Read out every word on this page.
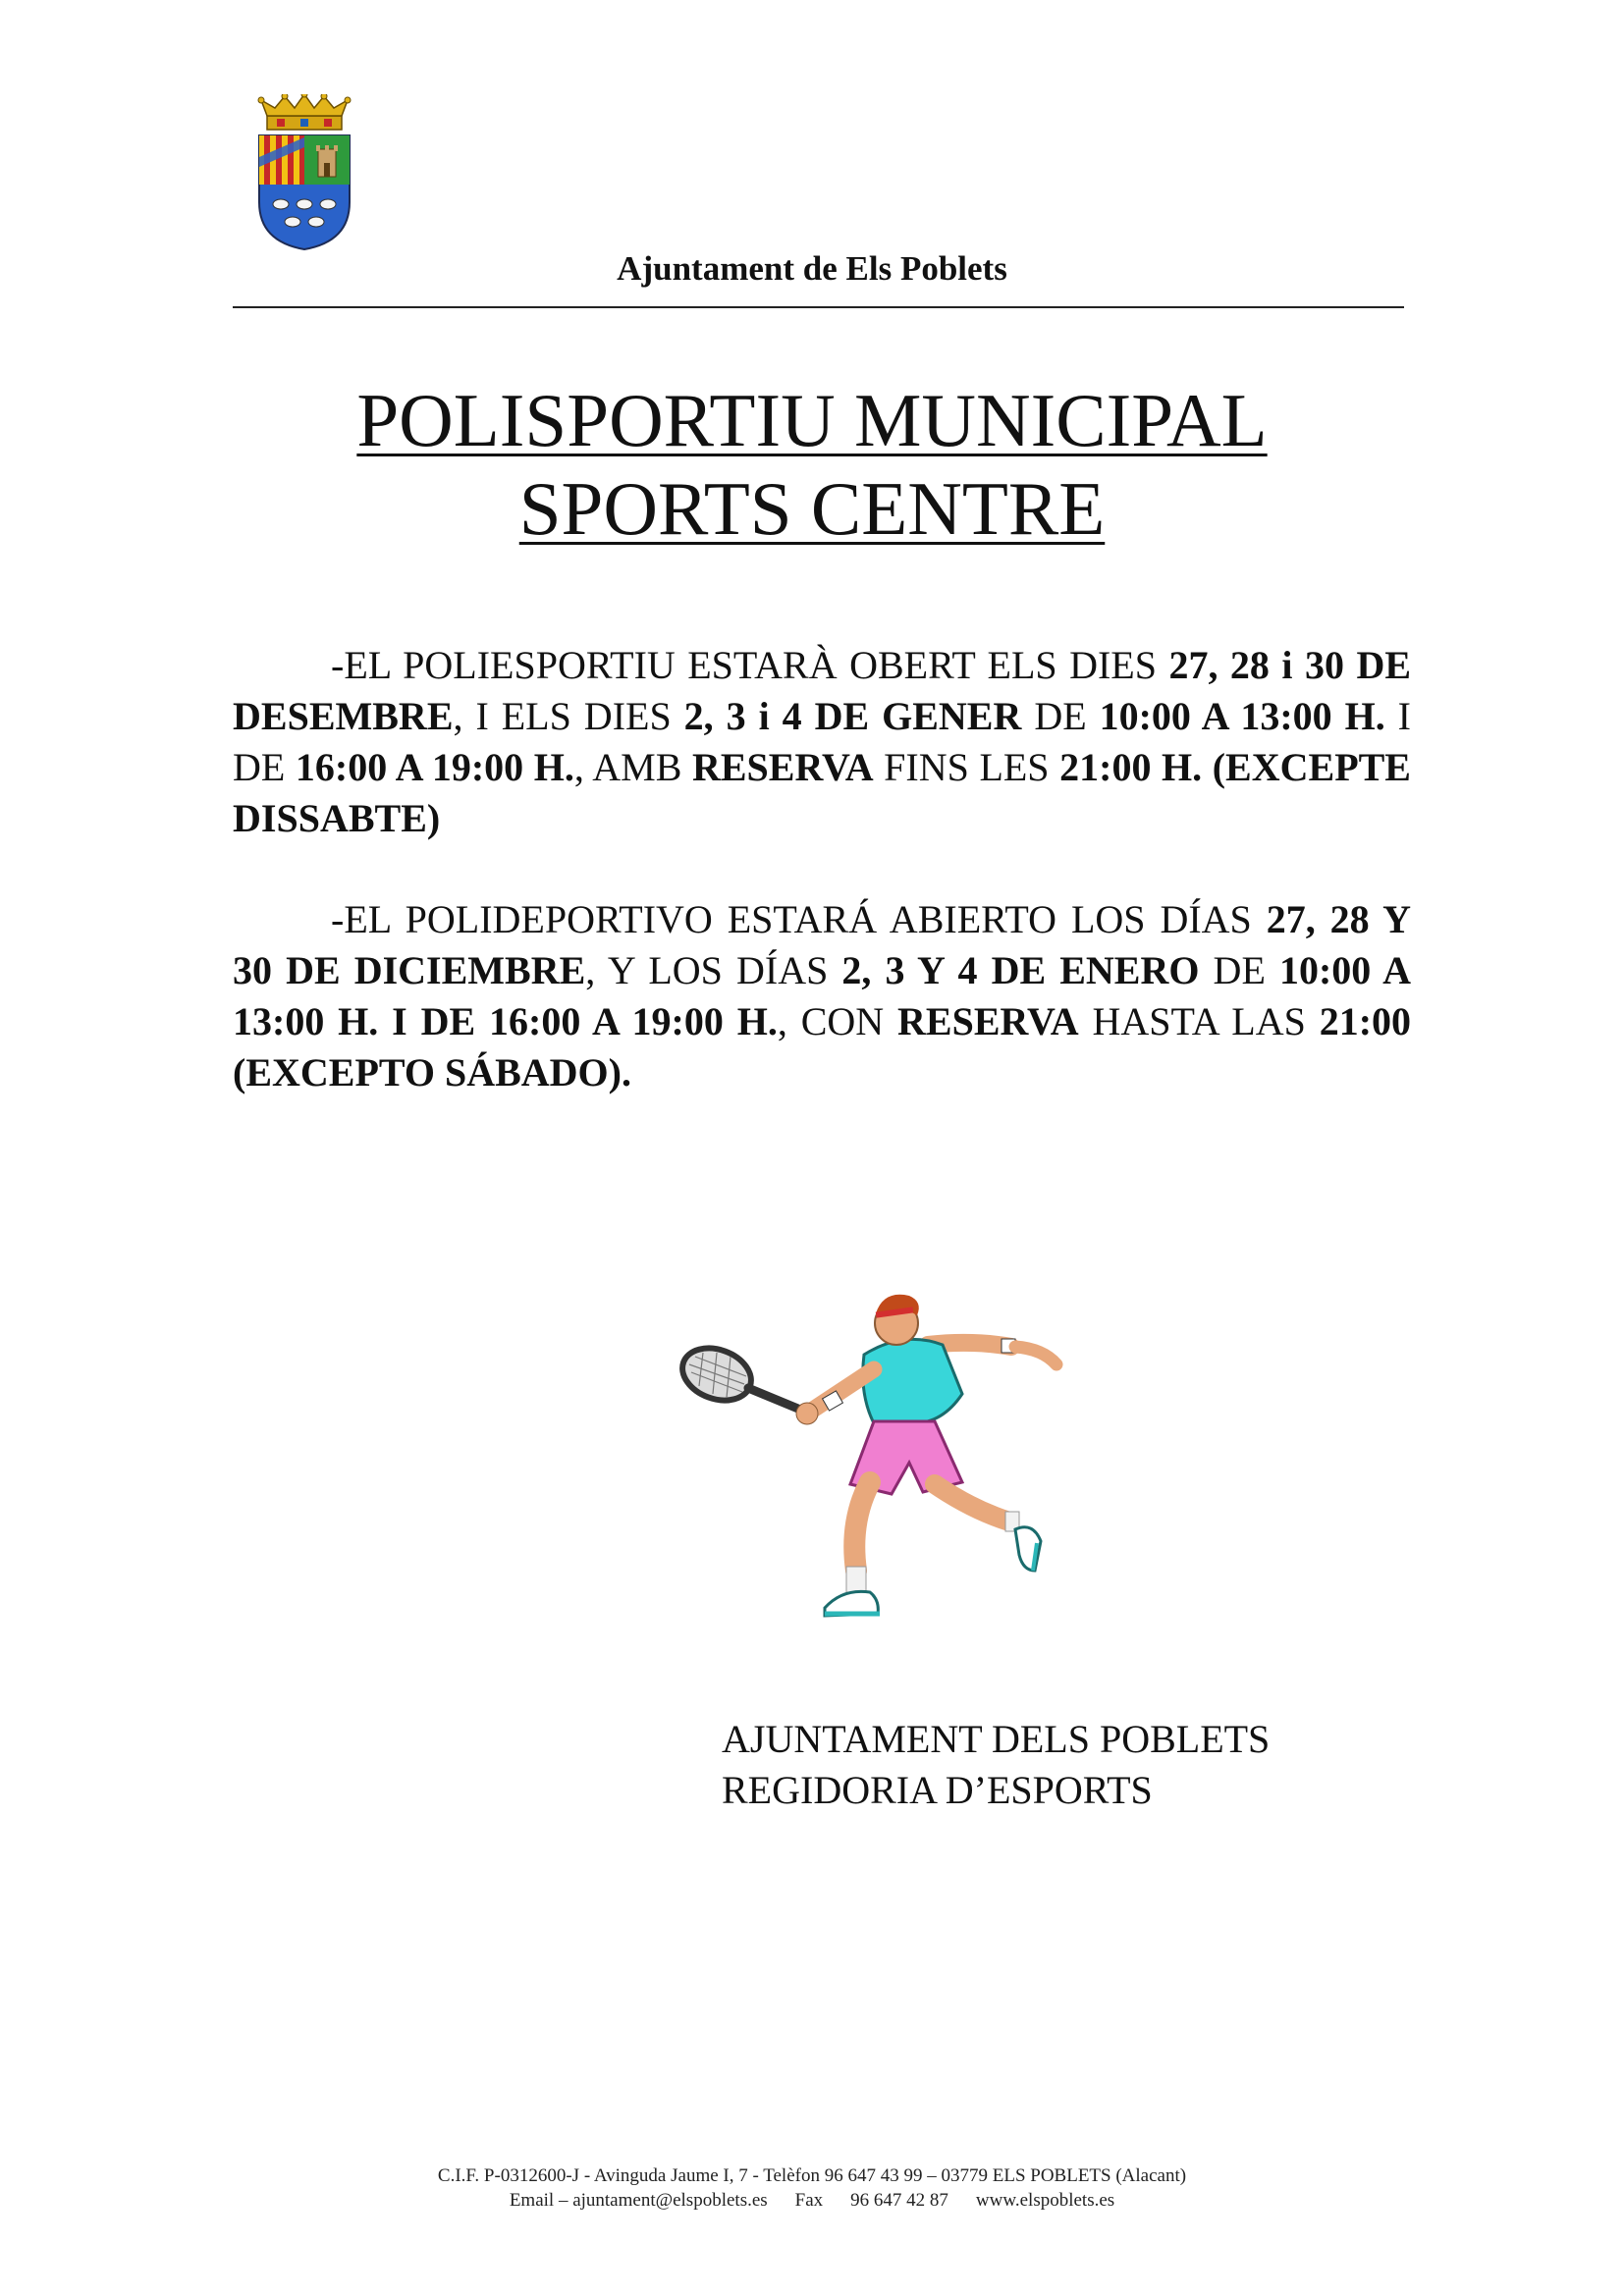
Ajuntament de Els Poblets
POLISPORTIU MUNICIPAL
SPORTS CENTRE
-EL POLIESPORTIU ESTARÀ OBERT ELS DIES 27, 28 i 30 DE DESEMBRE, I ELS DIES 2, 3 i 4 DE GENER DE 10:00 A 13:00 H. I DE 16:00 A 19:00 H., AMB RESERVA FINS LES 21:00 H. (EXCEPTE DISSABTE)
-EL POLIDEPORTIVO ESTARÁ ABIERTO LOS DÍAS 27, 28 Y 30 DE DICIEMBRE, Y LOS DÍAS 2, 3 Y 4 DE ENERO DE 10:00 A 13:00 H. I DE 16:00 A 19:00 H., CON RESERVA HASTA LAS 21:00 (EXCEPTO SÁBADO).
AJUNTAMENT DELS POBLETS
REGIDORIA D’ESPORTS
C.I.F. P-0312600-J - Avinguda Jaume I, 7 - Telèfon 96 647 43 99 – 03779 ELS POBLETS (Alacant)
Email – ajuntament@elspoblets.es Fax 96 647 42 87 www.elspoblets.es
